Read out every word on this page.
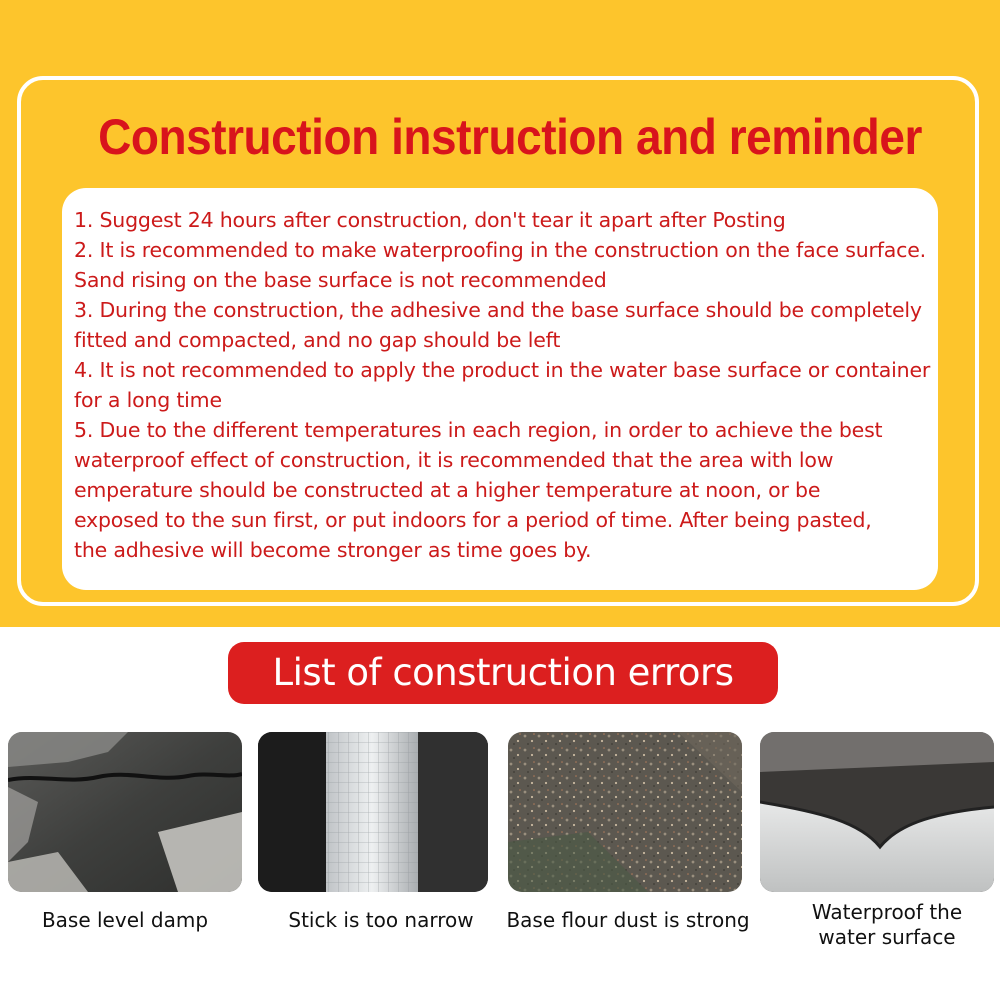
Construction instruction and reminder
1. Suggest 24 hours after construction, don't tear it apart after Posting
2. It is recommended to make waterproofing in the construction on the face surface.
Sand rising on the base surface is not recommended
3. During the construction, the adhesive and the base surface should be completely
fitted and compacted, and no gap should be left
4. It is not recommended to apply the product in the water base surface or container
for a long time
5. Due to the different temperatures in each region, in order to achieve the best
waterproof effect of construction, it is recommended that the area with low
emperature should be constructed at a higher temperature at noon, or be
exposed to the sun first, or put indoors for a period of time. After being pasted,
the adhesive will become stronger as time goes by.
List of construction errors
Base level damp	Stick is too narrow	Base flour dust is strong	Waterproof the
water surface
